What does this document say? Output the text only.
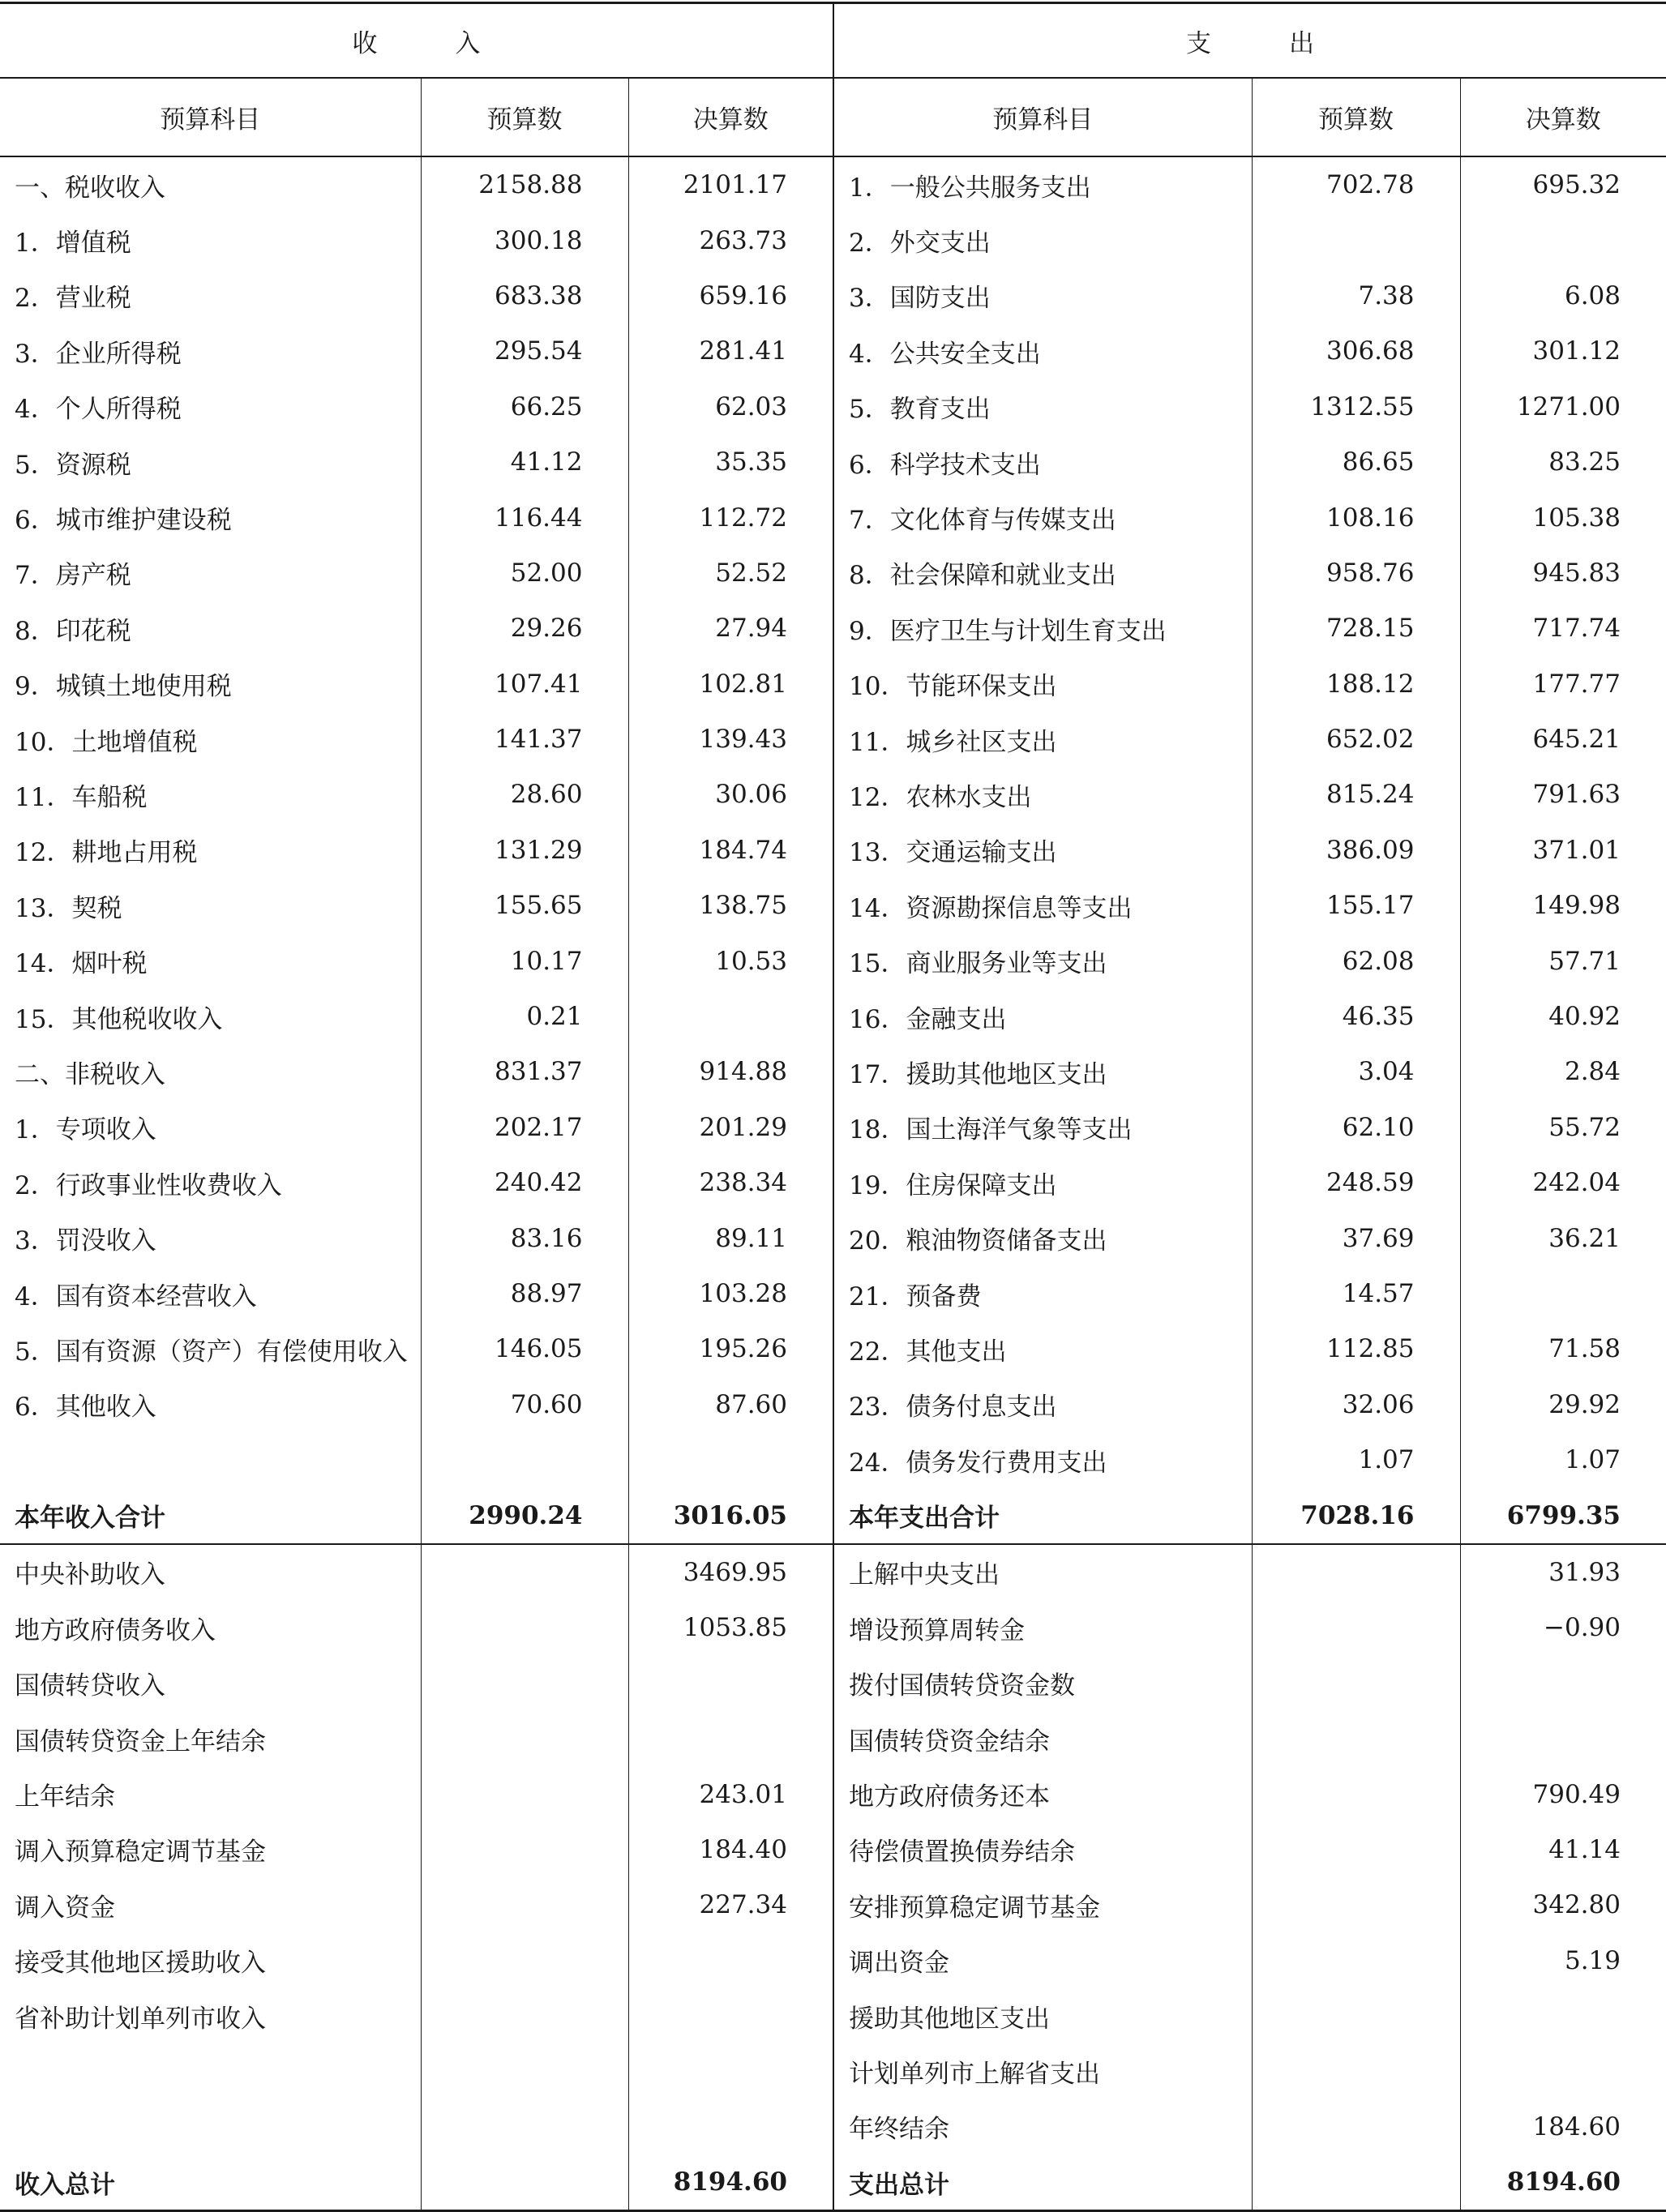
收 入			支 出		
预算科目	预算数	决算数	预算科目	预算数	决算数
一、税收收入	2158.88	2101.17	1．一般公共服务支出	702.78	695.32
1．增值税	300.18	263.73	2．外交支出		
2．营业税	683.38	659.16	3．国防支出	7.38	6.08
3．企业所得税	295.54	281.41	4．公共安全支出	306.68	301.12
4．个人所得税	66.25	62.03	5．教育支出	1312.55	1271.00
5．资源税	41.12	35.35	6．科学技术支出	86.65	83.25
6．城市维护建设税	116.44	112.72	7．文化体育与传媒支出	108.16	105.38
7．房产税	52.00	52.52	8．社会保障和就业支出	958.76	945.83
8．印花税	29.26	27.94	9．医疗卫生与计划生育支出	728.15	717.74
9．城镇土地使用税	107.41	102.81	10．节能环保支出	188.12	177.77
10．土地增值税	141.37	139.43	11．城乡社区支出	652.02	645.21
11．车船税	28.60	30.06	12．农林水支出	815.24	791.63
12．耕地占用税	131.29	184.74	13．交通运输支出	386.09	371.01
13．契税	155.65	138.75	14．资源勘探信息等支出	155.17	149.98
14．烟叶税	10.17	10.53	15．商业服务业等支出	62.08	57.71
15．其他税收收入	0.21		16．金融支出	46.35	40.92
二、非税收入	831.37	914.88	17．援助其他地区支出	3.04	2.84
1．专项收入	202.17	201.29	18．国土海洋气象等支出	62.10	55.72
2．行政事业性收费收入	240.42	238.34	19．住房保障支出	248.59	242.04
3．罚没收入	83.16	89.11	20．粮油物资储备支出	37.69	36.21
4．国有资本经营收入	88.97	103.28	21．预备费	14.57	
5．国有资源（资产）有偿使用收入	146.05	195.26	22．其他支出	112.85	71.58
6．其他收入	70.60	87.60	23．债务付息支出	32.06	29.92
			24．债务发行费用支出	1.07	1.07
本年收入合计	2990.24	3016.05	本年支出合计	7028.16	6799.35
中央补助收入		3469.95	上解中央支出		31.93
地方政府债务收入		1053.85	增设预算周转金		−0.90
国债转贷收入			拨付国债转贷资金数		
国债转贷资金上年结余			国债转贷资金结余		
上年结余		243.01	地方政府债务还本		790.49
调入预算稳定调节基金		184.40	待偿债置换债券结余		41.14
调入资金		227.34	安排预算稳定调节基金		342.80
接受其他地区援助收入			调出资金		5.19
省补助计划单列市收入			援助其他地区支出		
			计划单列市上解省支出		
			年终结余		184.60
收入总计		8194.60	支出总计		8194.60
